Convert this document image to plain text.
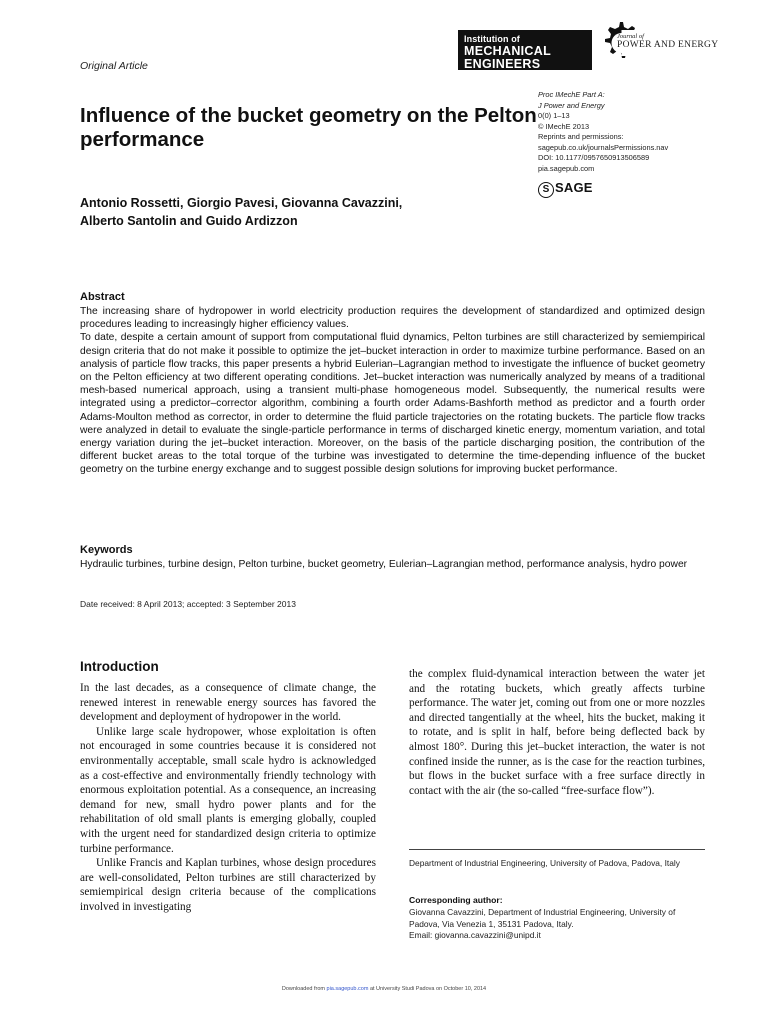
Original Article
Institution of
MECHANICAL
ENGINEERS
Journal of
POWER AND ENERGY
Influence of the bucket geometry on the Pelton performance
Proc IMechE Part A:
J Power and Energy
0(0) 1–13
© IMechE 2013
Reprints and permissions:
sagepub.co.uk/journalsPermissions.nav
DOI: 10.1177/0957650913506589
pia.sagepub.com
S SAGE
Antonio Rossetti, Giorgio Pavesi, Giovanna Cavazzini,
Alberto Santolin and Guido Ardizzon
Abstract

The increasing share of hydropower in world electricity production requires the development of standardized and optimized design procedures leading to increasingly higher efficiency values.

To date, despite a certain amount of support from computational fluid dynamics, Pelton turbines are still characterized by semiempirical design criteria that do not make it possible to optimize the jet–bucket interaction in order to maximize turbine performance. Based on an analysis of particle flow tracks, this paper presents a hybrid Eulerian–Lagrangian method to investigate the influence of bucket geometry on the Pelton efficiency at two different operating conditions. Jet–bucket interaction was numerically analyzed by means of a traditional mesh-based numerical approach, using a transient multi-phase homogeneous model. Subsequently, the numerical results were integrated using a predictor–corrector algorithm, combining a fourth order Adams-Bashforth method as predictor and a fourth order Adams-Moulton method as corrector, in order to determine the fluid particle trajectories on the rotating buckets. The particle flow tracks were analyzed in detail to evaluate the single-particle performance in terms of discharged kinetic energy, momentum variation, and total energy variation during the jet–bucket interaction. Moreover, on the basis of the particle discharging position, the contribution of the different bucket areas to the total torque of the turbine was investigated to determine the time-depending influence of the bucket geometry on the turbine energy exchange and to suggest possible design solutions for improving bucket performance.

Keywords
Hydraulic turbines, turbine design, Pelton turbine, bucket geometry, Eulerian–Lagrangian method, performance analysis, hydro power
Date received: 8 April 2013; accepted: 3 September 2013
Introduction

In the last decades, as a consequence of climate change, the renewed interest in renewable energy sources has favored the development and deployment of hydropower in the world.

Unlike large scale hydropower, whose exploitation is often not encouraged in some countries because it is considered not environmentally acceptable, small scale hydro is acknowledged as a cost-effective and environmentally friendly technology with enormous exploitation potential. As a consequence, an increasing demand for new, small hydro power plants and for the rehabilitation of old small plants is emerging globally, coupled with the urgent need for standardized design criteria to optimize turbine performance.

Unlike Francis and Kaplan turbines, whose design procedures are well-consolidated, Pelton turbines are still characterized by semiempirical design criteria because of the complications involved in investigating

the complex fluid-dynamical interaction between the water jet and the rotating buckets, which greatly affects turbine performance. The water jet, coming out from one or more nozzles and directed tangentially at the wheel, hits the bucket, making it to rotate, and is split in half, before being deflected back by almost 180°. During this jet–bucket interaction, the water is not confined inside the runner, as is the case for the reaction turbines, but flows in the bucket surface with a free surface directly in contact with the air (the so-called “free-surface flow”).

Department of Industrial Engineering, University of Padova, Padova, Italy
Corresponding author:
Giovanna Cavazzini, Department of Industrial Engineering, University of Padova, Via Venezia 1, 35131 Padova, Italy.
Email: giovanna.cavazzini@unipd.it
Downloaded from pia.sagepub.com at University Studi Padova on October 10, 2014
